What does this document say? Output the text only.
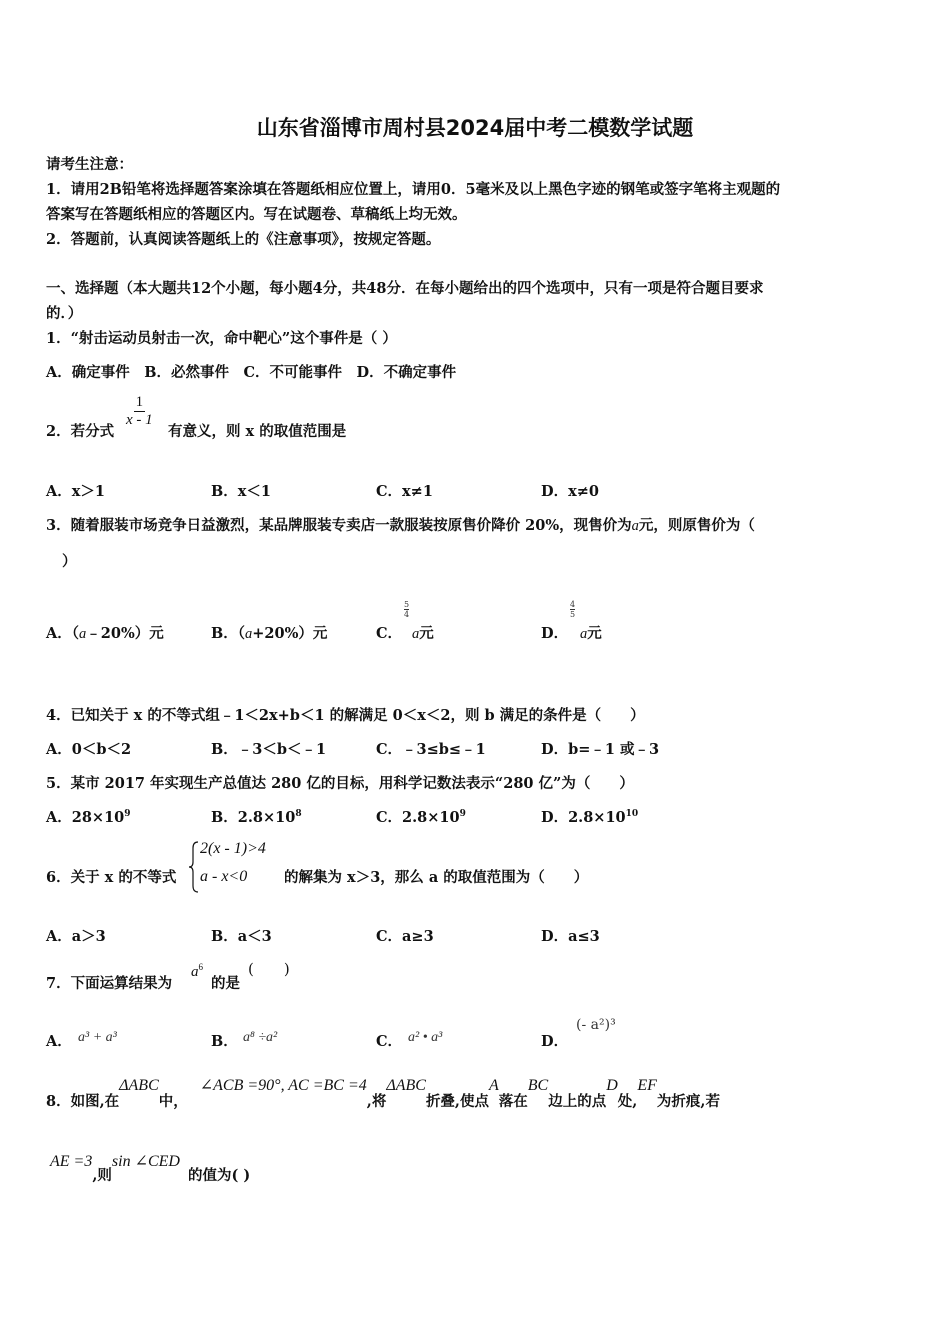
山东省淄博市周村县2024届中考二模数学试题
请考生注意：
1．请用2B铅笔将选择题答案涂填在答题纸相应位置上，请用0．5毫米及以上黑色字迹的钢笔或签字笔将主观题的
答案写在答题纸相应的答题区内。写在试题卷、草稿纸上均无效。
2．答题前，认真阅读答题纸上的《注意事项》，按规定答题。
一、选择题（本大题共12个小题，每小题4分，共48分．在每小题给出的四个选项中，只有一项是符合题目要求
的．）
1．“射击运动员射击一次，命中靶心”这个事件是（ ）
A．确定事件　B．必然事件　C．不可能事件　D．不确定事件
2．若分式
$\frac{1}{x - 1}$
有意义，则 x 的取值范围是
A．x＞1	B．x＜1	C．x≠1	D．x≠0
3．随着服装市场竞争日益激烈，某品牌服装专卖店一款服装按原售价降价 20%，现售价为a元，则原售价为（
）
A．（a﹣20%）元	B．（a+20%）元	C．
$\frac{5}{4}$
a元	D．
$\frac{4}{5}$
a元
4．已知关于 x 的不等式组﹣1＜2x+b＜1 的解满足 0＜x＜2，则 b 满足的条件是（　　）
A．0＜b＜2	B．﹣3＜b＜﹣1	C．﹣3≤b≤﹣1	D．b=﹣1 或﹣3
5．某市 2017 年实现生产总值达 280 亿的目标，用科学记数法表示“280 亿”为（　　）
A．$28\times 10^9$	B．$2.8\times 10^8$	C．$2.8\times 10^9$	D．$2.8\times 10^{10}$
6．关于 x 的不等式
2(x - 1)>4
a - x<0	的解集为 x＞3，那么 a 的取值范围为（　　）
A．a＞3	B．a＜3	C．a≥3	D．a≤3
7．下面运算结果为
$a^6$
的是
(　　)
A． a³ + a³	B． a⁸ ÷a²	C． a² • a³	D．
(- a²)³
8．如图,在ΔABC中，∠ACB =90°, AC =BC =4,将ΔABC折叠,使点A落在BC边上的点D处,EF为折痕,若
AE =3,则sin ∠CED的值为( )
